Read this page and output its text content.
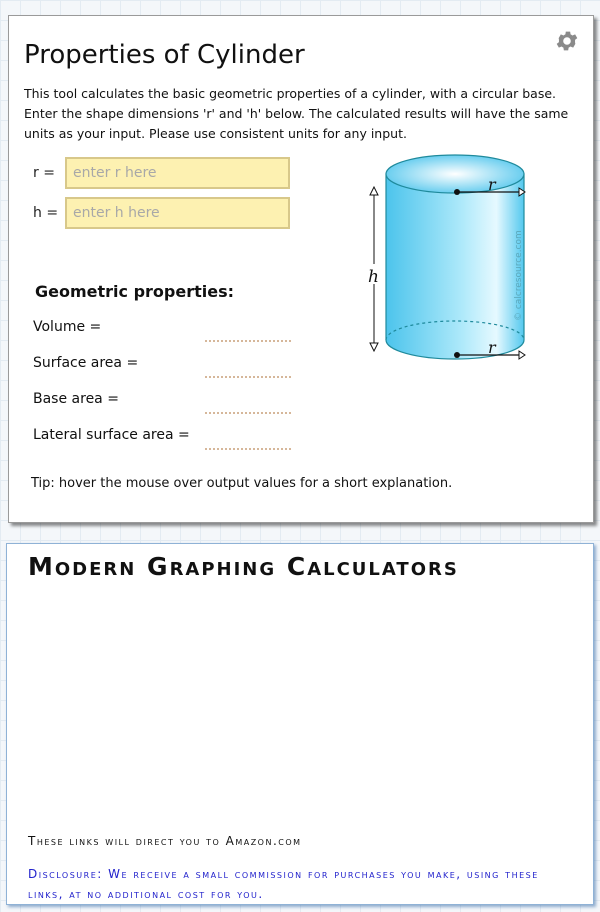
Properties of Cylinder

This tool calculates the basic geometric properties of a cylinder, with a circular base. Enter the shape dimensions 'r' and 'h' below. The calculated results will have the same units as your input. Please use consistent units for any input.

r =
enter r here
h =
enter h here
Geometric properties:
Volume =
Surface area =
Base area =
Lateral surface area =

Tip: hover the mouse over output values for a short explanation.

r
r
h	© calcresource.com
Modern Graphing Calculators

These links will direct you to Amazon.com

Disclosure: We receive a small commission for purchases you make, using these links, at no additional cost for you.
